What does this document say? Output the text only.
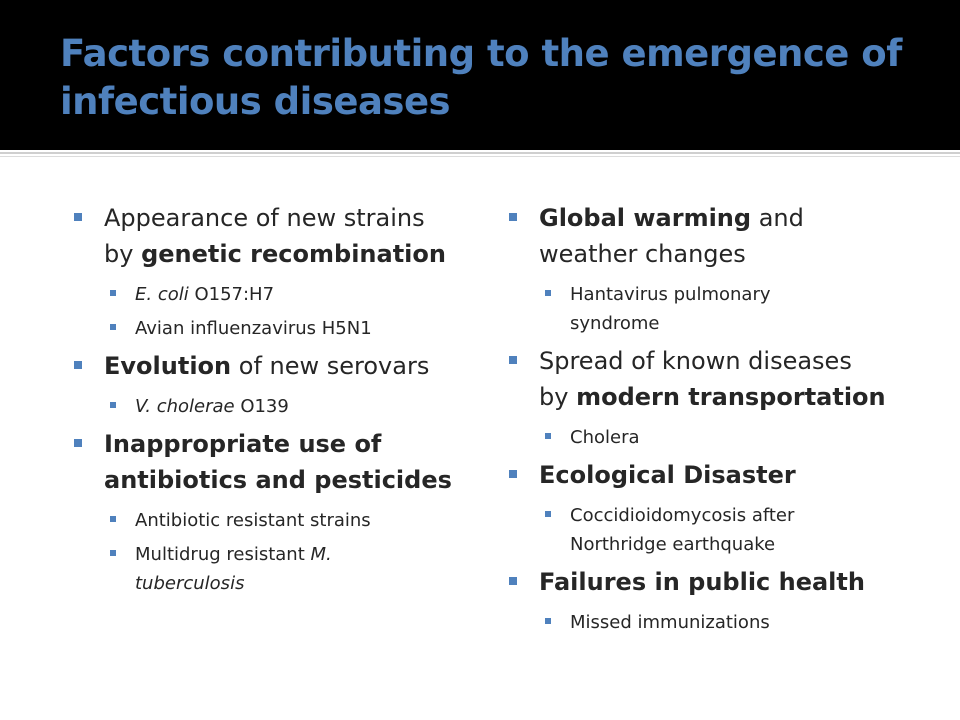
Factors contributing to the emergence of infectious diseases
Appearance of new strains
by genetic recombination
E. coli O157:H7
Avian influenzavirus H5N1
Evolution of new serovars
V. cholerae O139
Inappropriate use of
antibiotics and pesticides
Antibiotic resistant strains
Multidrug resistant M.
tuberculosis
Global warming and
weather changes
Hantavirus pulmonary
syndrome
Spread of known diseases
by modern transportation
Cholera
Ecological Disaster
Coccidioidomycosis after
Northridge earthquake
Failures in public health
Missed immunizations
